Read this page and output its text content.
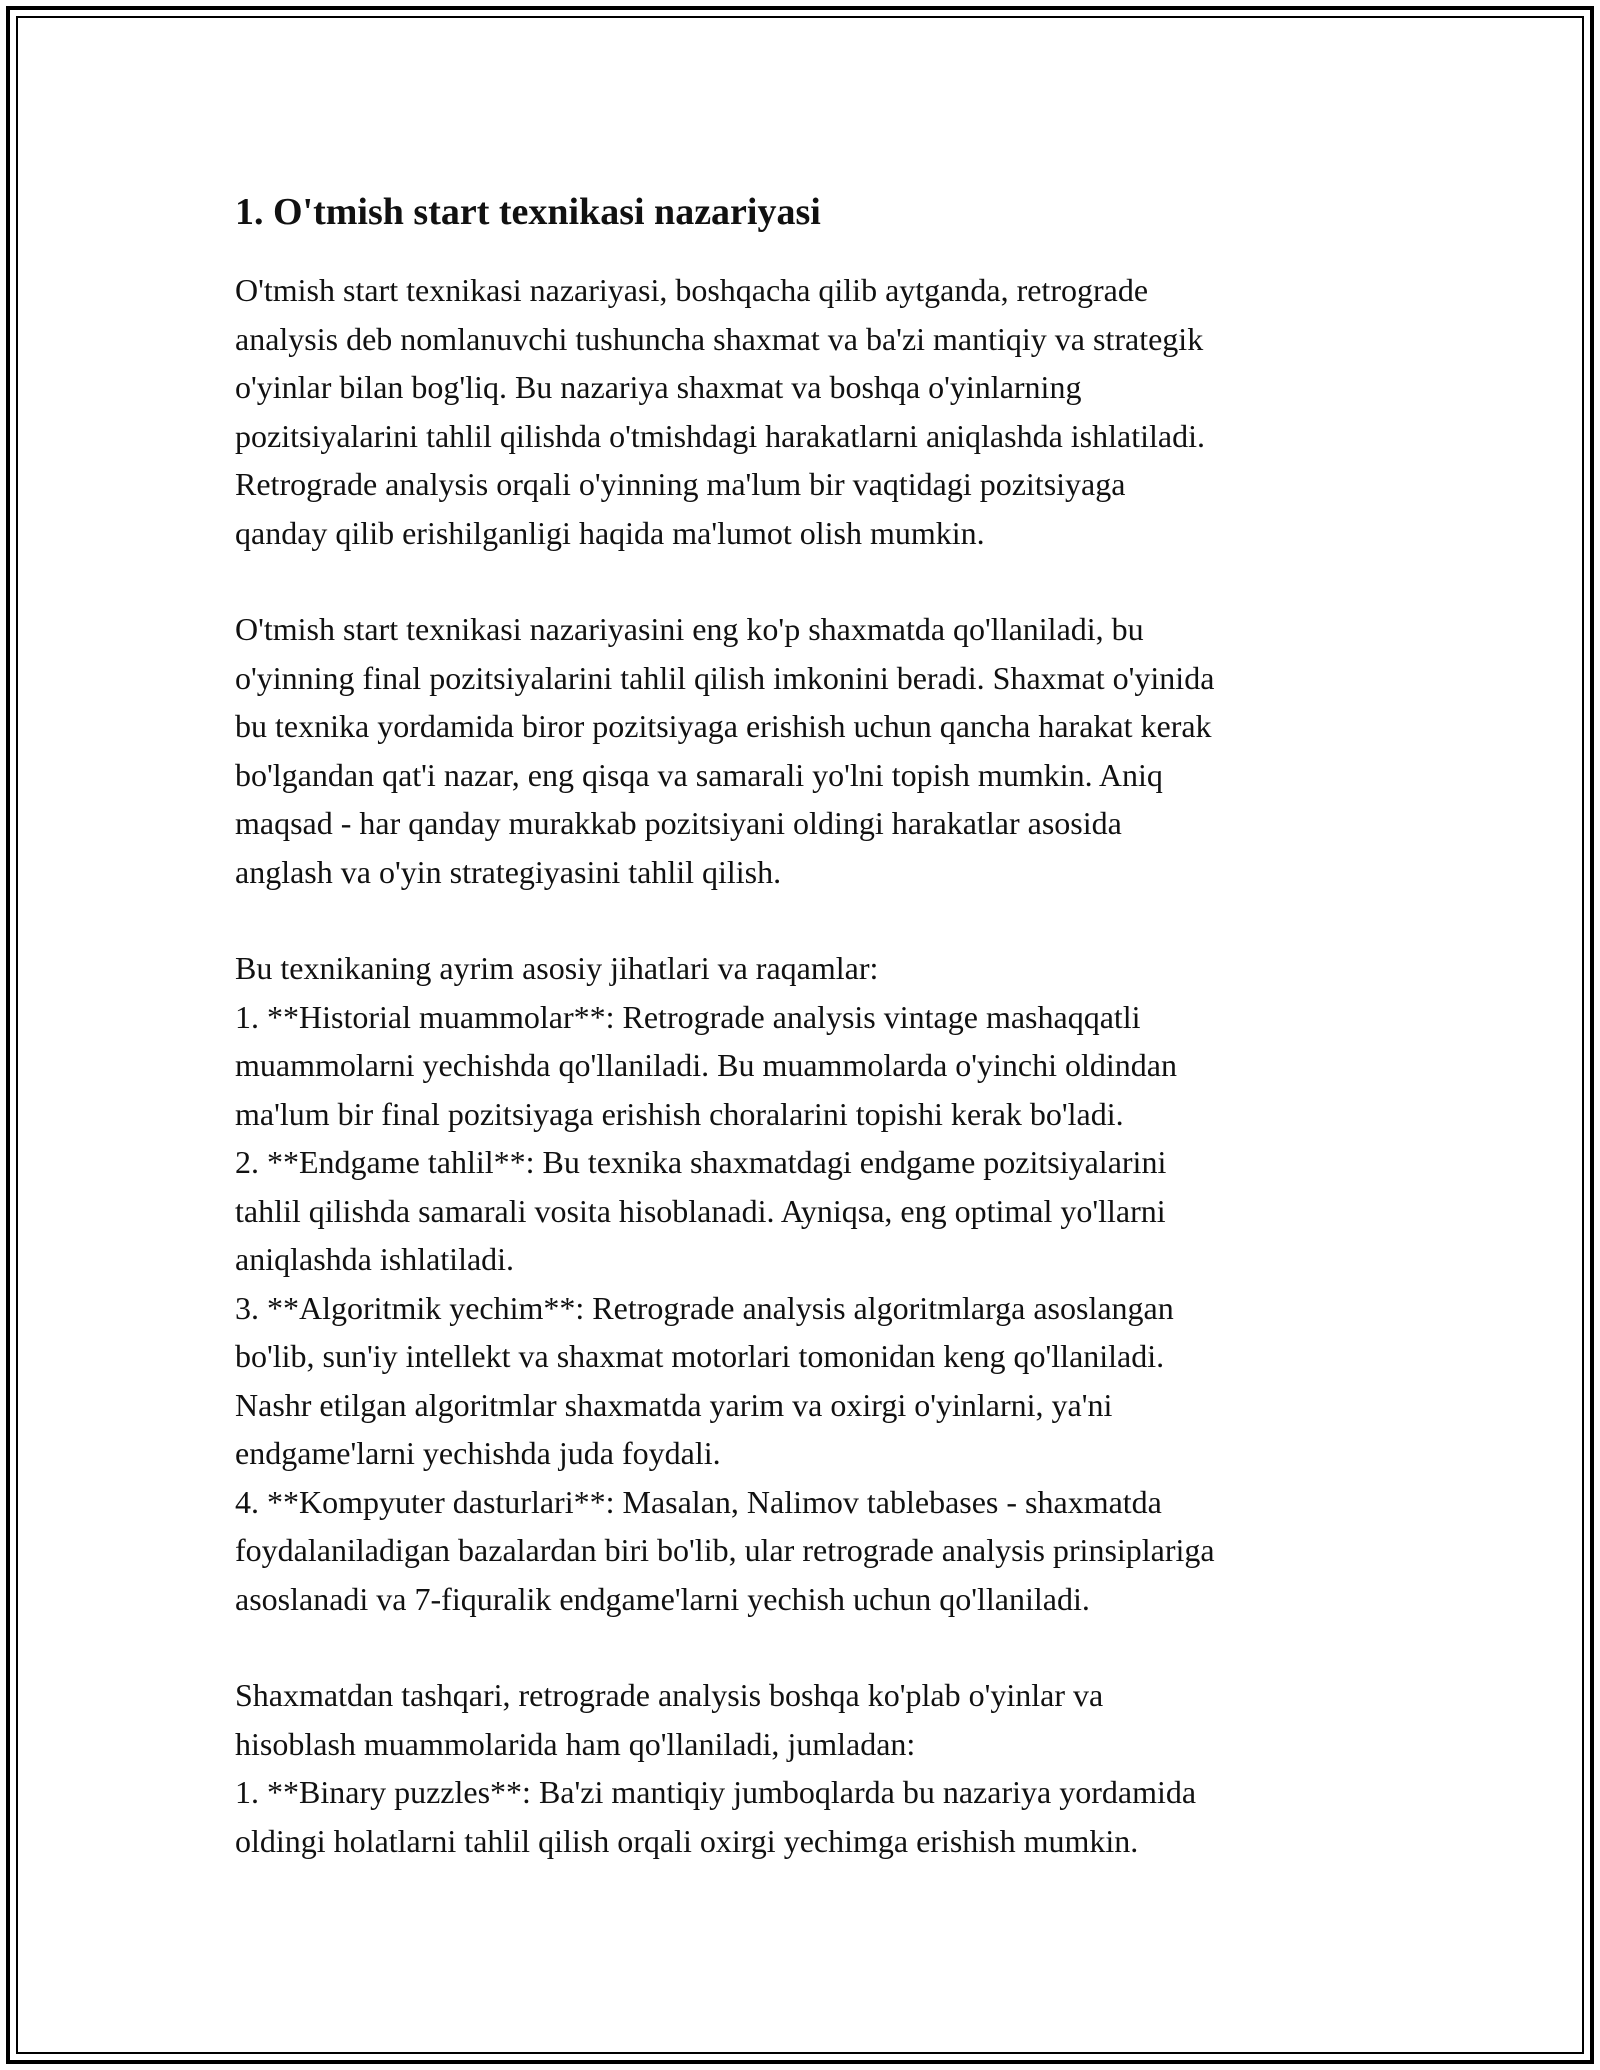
1. O'tmish start texnikasi nazariyasi

O'tmish start texnikasi nazariyasi, boshqacha qilib aytganda, retrograde
analysis deb nomlanuvchi tushuncha shaxmat va ba'zi mantiqiy va strategik
o'yinlar bilan bog'liq. Bu nazariya shaxmat va boshqa o'yinlarning
pozitsiyalarini tahlil qilishda o'tmishdagi harakatlarni aniqlashda ishlatiladi.
Retrograde analysis orqali o'yinning ma'lum bir vaqtidagi pozitsiyaga
qanday qilib erishilganligi haqida ma'lumot olish mumkin.

O'tmish start texnikasi nazariyasini eng ko'p shaxmatda qo'llaniladi, bu
o'yinning final pozitsiyalarini tahlil qilish imkonini beradi. Shaxmat o'yinida
bu texnika yordamida biror pozitsiyaga erishish uchun qancha harakat kerak
bo'lgandan qat'i nazar, eng qisqa va samarali yo'lni topish mumkin. Aniq
maqsad - har qanday murakkab pozitsiyani oldingi harakatlar asosida
anglash va o'yin strategiyasini tahlil qilish.

Bu texnikaning ayrim asosiy jihatlari va raqamlar:
1. **Historial muammolar**: Retrograde analysis vintage mashaqqatli
muammolarni yechishda qo'llaniladi. Bu muammolarda o'yinchi oldindan
ma'lum bir final pozitsiyaga erishish choralarini topishi kerak bo'ladi.
2. **Endgame tahlil**: Bu texnika shaxmatdagi endgame pozitsiyalarini
tahlil qilishda samarali vosita hisoblanadi. Ayniqsa, eng optimal yo'llarni
aniqlashda ishlatiladi.
3. **Algoritmik yechim**: Retrograde analysis algoritmlarga asoslangan
bo'lib, sun'iy intellekt va shaxmat motorlari tomonidan keng qo'llaniladi.
Nashr etilgan algoritmlar shaxmatda yarim va oxirgi o'yinlarni, ya'ni
endgame'larni yechishda juda foydali.
4. **Kompyuter dasturlari**: Masalan, Nalimov tablebases - shaxmatda
foydalaniladigan bazalardan biri bo'lib, ular retrograde analysis prinsiplariga
asoslanadi va 7-fiquralik endgame'larni yechish uchun qo'llaniladi.

Shaxmatdan tashqari, retrograde analysis boshqa ko'plab o'yinlar va
hisoblash muammolarida ham qo'llaniladi, jumladan:
1. **Binary puzzles**: Ba'zi mantiqiy jumboqlarda bu nazariya yordamida
oldingi holatlarni tahlil qilish orqali oxirgi yechimga erishish mumkin.
